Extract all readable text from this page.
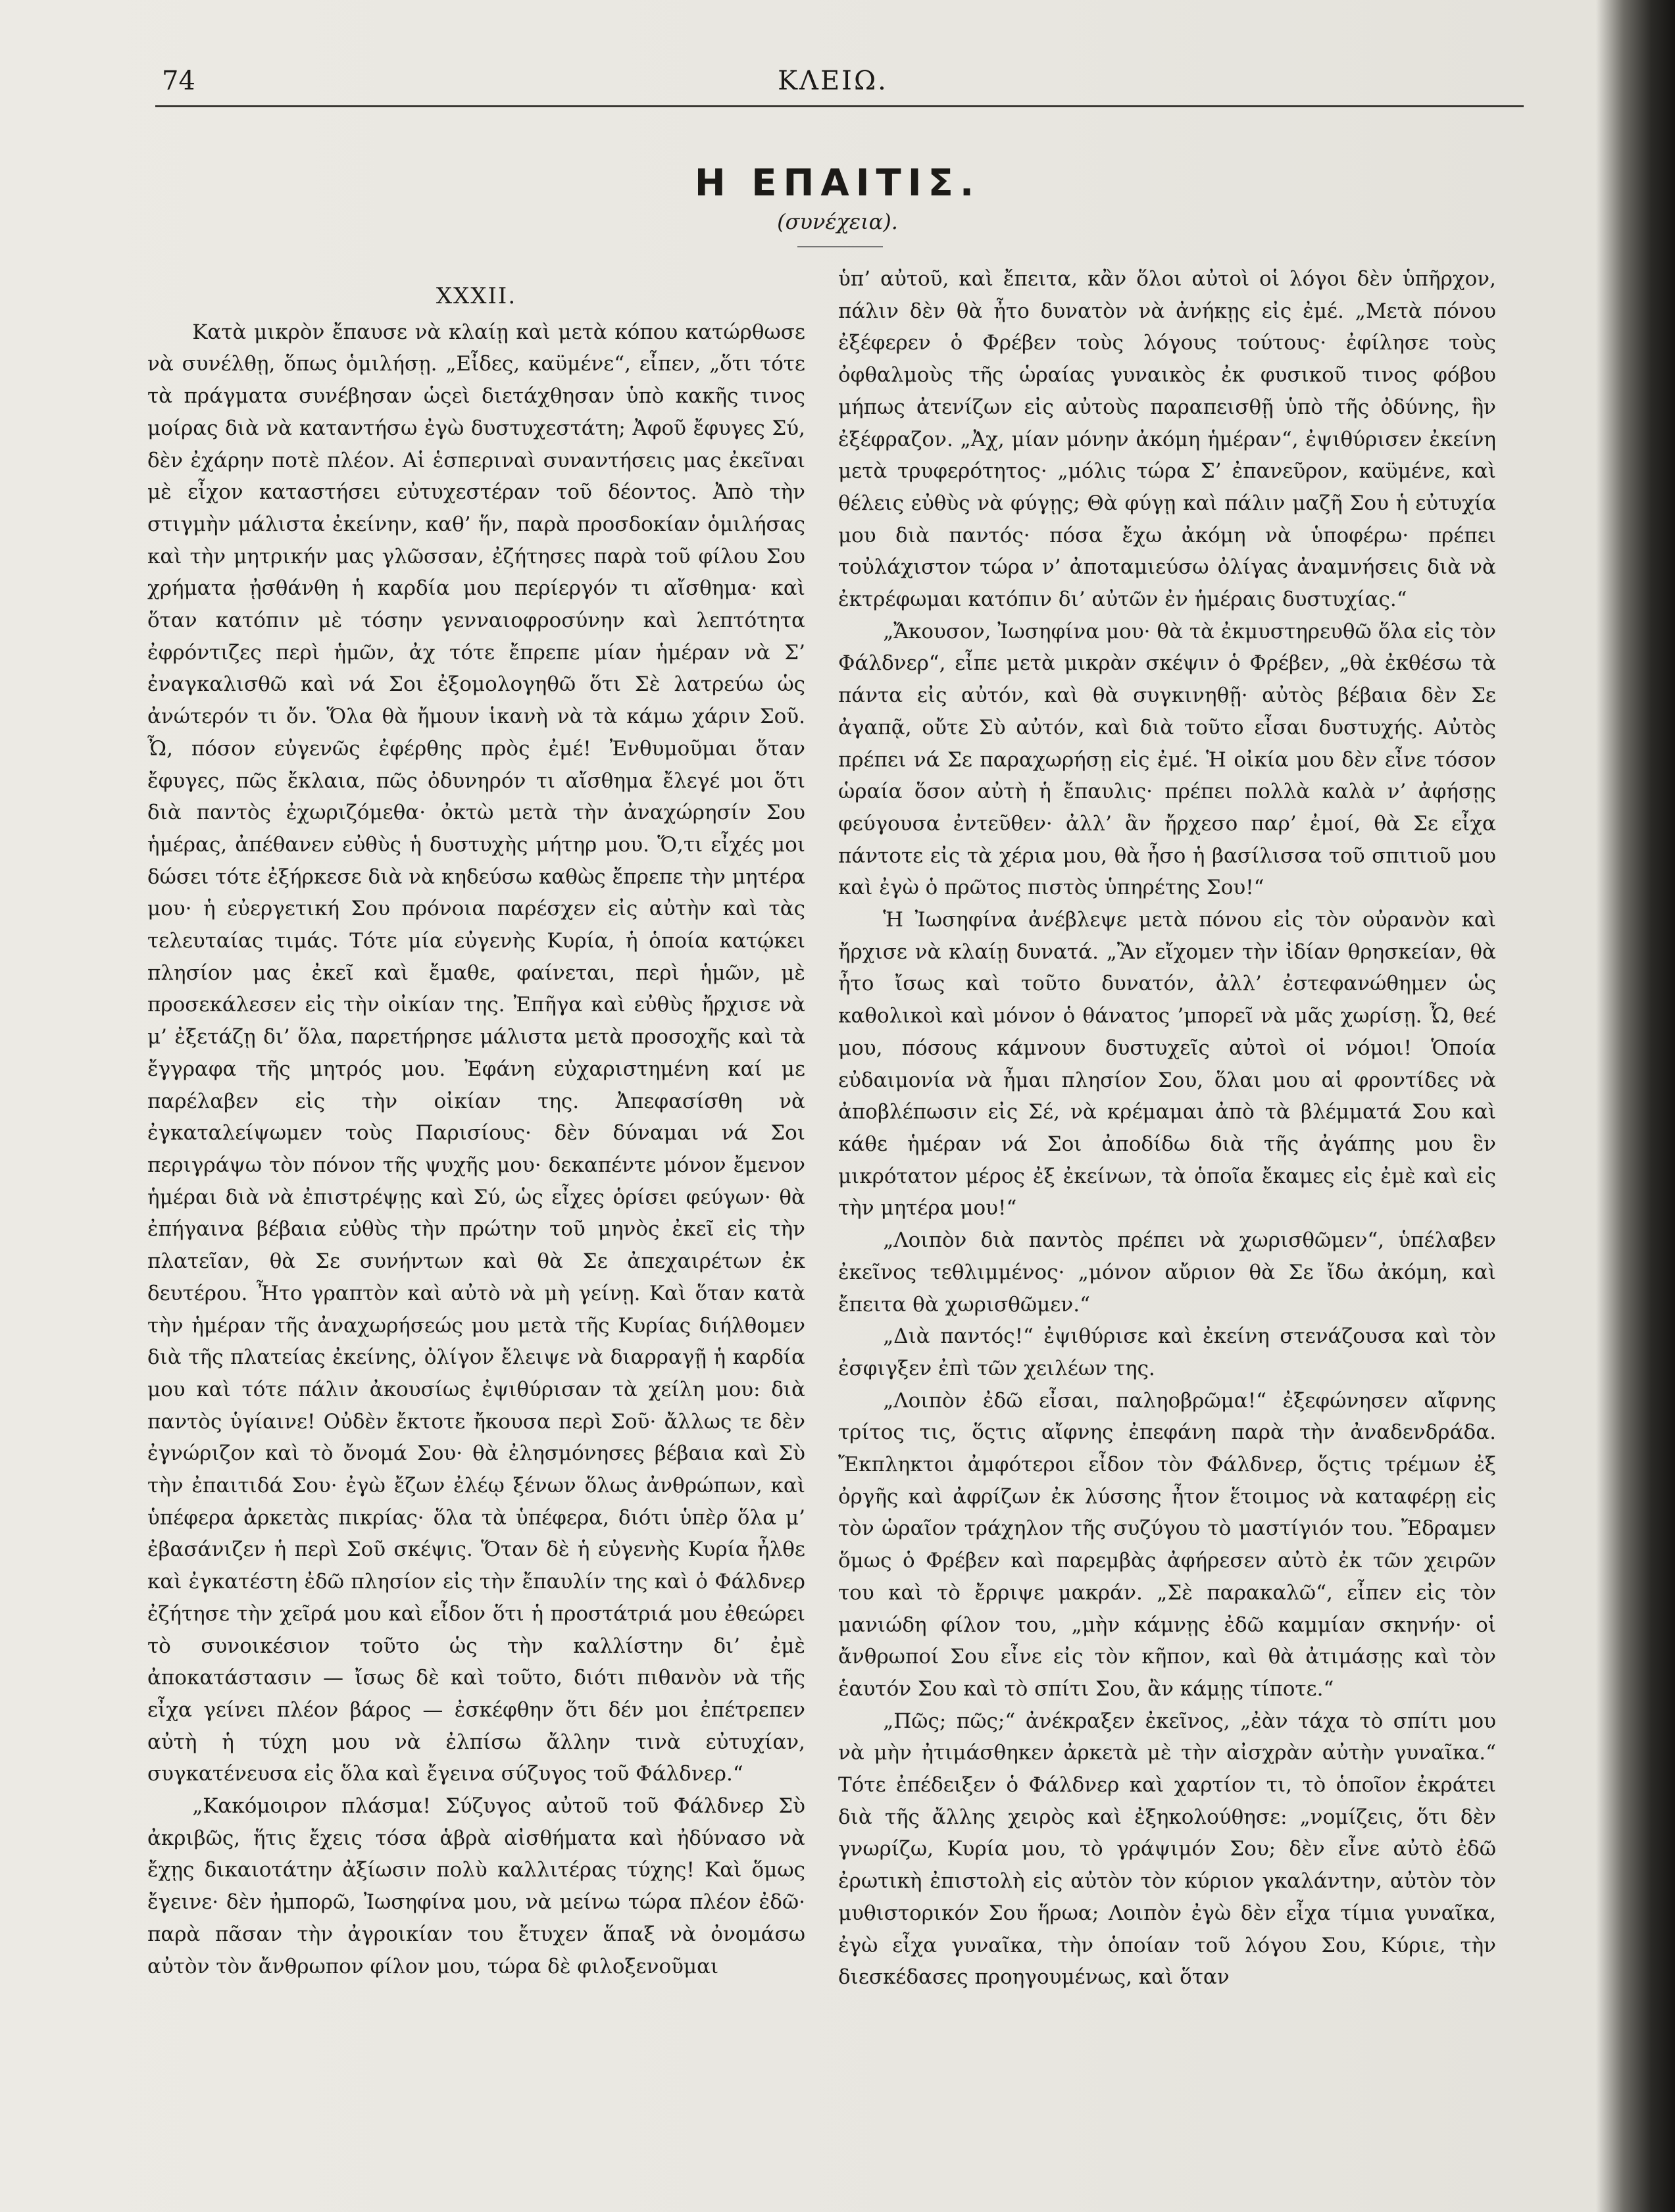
74	ΚΛΕΙΩ.
Η ΕΠΑΙΤΙΣ.
(συνέχεια).
XXXII.

Κατὰ μικρὸν ἔπαυσε νὰ κλαίῃ καὶ μετὰ κόπου κατώρθωσε νὰ συνέλθῃ, ὅπως ὁμιλήσῃ. „Εἶδες, καϋμένε“, εἶπεν, „ὅτι τότε τὰ πράγματα συνέβησαν ὡςεὶ διετάχθησαν ὑπὸ κακῆς τινος μοίρας διὰ νὰ καταντήσω ἐγὼ δυστυχεστάτη; Ἀφοῦ ἔφυγες Σύ, δὲν ἐχάρην ποτὲ πλέον. Αἱ ἑσπεριναὶ συναντήσεις μας ἐκεῖναι μὲ εἶχον καταστήσει εὐτυχεστέραν τοῦ δέοντος. Ἀπὸ τὴν στιγμὴν μάλιστα ἐκείνην, καθ’ ἥν, παρὰ προσδοκίαν ὁμιλήσας καὶ τὴν μητρικήν μας γλῶσσαν, ἐζήτησες παρὰ τοῦ φίλου Σου χρήματα ᾐσθάνθη ἡ καρδία μου περίεργόν τι αἴσθημα· καὶ ὅταν κατόπιν μὲ τόσην γενναιοφροσύνην καὶ λεπτότητα ἐφρόντιζες περὶ ἡμῶν, ἀχ τότε ἔπρεπε μίαν ἡμέραν νὰ Σ’ ἐναγκαλισθῶ καὶ νά Σοι ἐξομολογηθῶ ὅτι Σὲ λατρεύω ὡς ἀνώτερόν τι ὄν. Ὅλα θὰ ἤμουν ἱκανὴ νὰ τὰ κάμω χάριν Σοῦ. Ὦ, πόσον εὐγενῶς ἐφέρθης πρὸς ἐμέ! Ἐνθυμοῦμαι ὅταν ἔφυγες, πῶς ἔκλαια, πῶς ὀδυνηρόν τι αἴσθημα ἔλεγέ μοι ὅτι διὰ παντὸς ἐχωριζόμεθα· ὀκτὼ μετὰ τὴν ἀναχώρησίν Σου ἡμέρας, ἀπέθανεν εὐθὺς ἡ δυστυχὴς μήτηρ μου. Ὅ,τι εἶχές μοι δώσει τότε ἐξήρκεσε διὰ νὰ κηδεύσω καθὼς ἔπρεπε τὴν μητέρα μου· ἡ εὐεργετική Σου πρόνοια παρέσχεν εἰς αὐτὴν καὶ τὰς τελευταίας τιμάς. Τότε μία εὐγενὴς Κυρία, ἡ ὁποία κατῴκει πλησίον μας ἐκεῖ καὶ ἔμαθε, φαίνεται, περὶ ἡμῶν, μὲ προσεκάλεσεν εἰς τὴν οἰκίαν της. Ἐπῆγα καὶ εὐθὺς ἤρχισε νὰ μ’ ἐξετάζῃ δι’ ὅλα, παρετήρησε μάλιστα μετὰ προσοχῆς καὶ τὰ ἔγγραφα τῆς μητρός μου. Ἐφάνη εὐχαριστημένη καί με παρέλαβεν εἰς τὴν οἰκίαν της. Ἀπεφασίσθη νὰ ἐγκαταλείψωμεν τοὺς Παρισίους· δὲν δύναμαι νά Σοι περιγράψω τὸν πόνον τῆς ψυχῆς μου· δεκαπέντε μόνον ἔμενον ἡμέραι διὰ νὰ ἐπιστρέψῃς καὶ Σύ, ὡς εἶχες ὁρίσει φεύγων· θὰ ἐπήγαινα βέβαια εὐθὺς τὴν πρώτην τοῦ μηνὸς ἐκεῖ εἰς τὴν πλατεῖαν, θὰ Σε συνήντων καὶ θὰ Σε ἀπεχαιρέτων ἐκ δευτέρου. Ἦτο γραπτὸν καὶ αὐτὸ νὰ μὴ γείνῃ. Καὶ ὅταν κατὰ τὴν ἡμέραν τῆς ἀναχωρήσεώς μου μετὰ τῆς Κυρίας διήλθομεν διὰ τῆς πλατείας ἐκείνης, ὀλίγον ἔλειψε νὰ διαρραγῇ ἡ καρδία μου καὶ τότε πάλιν ἀκουσίως ἐψιθύρισαν τὰ χείλη μου: διὰ παντὸς ὑγίαινε! Οὐδὲν ἔκτοτε ἤκουσα περὶ Σοῦ· ἄλλως τε δὲν ἐγνώριζον καὶ τὸ ὄνομά Σου· θὰ ἐλησμόνησες βέβαια καὶ Σὺ τὴν ἐπαιτιδά Σου· ἐγὼ ἔζων ἐλέῳ ξένων ὅλως ἀνθρώπων, καὶ ὑπέφερα ἀρκετὰς πικρίας· ὅλα τὰ ὑπέφερα, διότι ὑπὲρ ὅλα μ’ ἐβασάνιζεν ἡ περὶ Σοῦ σκέψις. Ὅταν δὲ ἡ εὐγενὴς Κυρία ἦλθε καὶ ἐγκατέστη ἐδῶ πλησίον εἰς τὴν ἔπαυλίν της καὶ ὁ Φάλδνερ ἐζήτησε τὴν χεῖρά μου καὶ εἶδον ὅτι ἡ προστάτριά μου ἐθεώρει τὸ συνοικέσιον τοῦτο ὡς τὴν καλλίστην δι’ ἐμὲ ἀποκατάστασιν — ἴσως δὲ καὶ τοῦτο, διότι πιθανὸν νὰ τῆς εἶχα γείνει πλέον βάρος — ἐσκέφθην ὅτι δέν μοι ἐπέτρεπεν αὐτὴ ἡ τύχη μου νὰ ἐλπίσω ἄλλην τινὰ εὐτυχίαν, συγκατένευσα εἰς ὅλα καὶ ἔγεινα σύζυγος τοῦ Φάλδνερ.“

„Κακόμοιρον πλάσμα! Σύζυγος αὐτοῦ τοῦ Φάλδνερ Σὺ ἀκριβῶς, ἥτις ἔχεις τόσα ἁβρὰ αἰσθήματα καὶ ἠδύνασο νὰ ἔχῃς δικαιοτάτην ἀξίωσιν πολὺ καλλιτέρας τύχης! Καὶ ὅμως ἔγεινε· δὲν ἠμπορῶ, Ἰωσηφίνα μου, νὰ μείνω τώρα πλέον ἐδῶ· παρὰ πᾶσαν τὴν ἀγροικίαν του ἔτυχεν ἅπαξ νὰ ὀνομάσω αὐτὸν τὸν ἄνθρωπον φίλον μου, τώρα δὲ φιλοξενοῦμαι

ὑπ’ αὐτοῦ, καὶ ἔπειτα, κἂν ὅλοι αὐτοὶ οἱ λόγοι δὲν ὑπῆρχον, πάλιν δὲν θὰ ἦτο δυνατὸν νὰ ἀνήκῃς εἰς ἐμέ. „Μετὰ πόνου ἐξέφερεν ὁ Φρέβεν τοὺς λόγους τούτους· ἐφίλησε τοὺς ὀφθαλμοὺς τῆς ὡραίας γυναικὸς ἐκ φυσικοῦ τινος φόβου μήπως ἀτενίζων εἰς αὐτοὺς παραπεισθῇ ὑπὸ τῆς ὀδύνης, ἣν ἐξέφραζον. „Ἀχ, μίαν μόνην ἀκόμη ἡμέραν“, ἐψιθύρισεν ἐκείνη μετὰ τρυφερότητος· „μόλις τώρα Σ’ ἐπανεῦρον, καϋμένε, καὶ θέλεις εὐθὺς νὰ φύγῃς; Θὰ φύγῃ καὶ πάλιν μαζῆ Σου ἡ εὐτυχία μου διὰ παντός· πόσα ἔχω ἀκόμη νὰ ὑποφέρω· πρέπει τοὐλάχιστον τώρα ν’ ἀποταμιεύσω ὀλίγας ἀναμνήσεις διὰ νὰ ἐκτρέφωμαι κατόπιν δι’ αὐτῶν ἐν ἡμέραις δυστυχίας.“

„Ἄκουσον, Ἰωσηφίνα μου· θὰ τὰ ἐκμυστηρευθῶ ὅλα εἰς τὸν Φάλδνερ“, εἶπε μετὰ μικρὰν σκέψιν ὁ Φρέβεν, „θὰ ἐκθέσω τὰ πάντα εἰς αὐτόν, καὶ θὰ συγκινηθῇ· αὐτὸς βέβαια δὲν Σε ἀγαπᾷ, οὔτε Σὺ αὐτόν, καὶ διὰ τοῦτο εἶσαι δυστυχής. Αὐτὸς πρέπει νά Σε παραχωρήσῃ εἰς ἐμέ. Ἡ οἰκία μου δὲν εἶνε τόσον ὡραία ὅσον αὐτὴ ἡ ἔπαυλις· πρέπει πολλὰ καλὰ ν’ ἀφήσῃς φεύγουσα ἐντεῦθεν· ἀλλ’ ἂν ἤρχεσο παρ’ ἐμοί, θὰ Σε εἶχα πάντοτε εἰς τὰ χέρια μου, θὰ ἦσο ἡ βασίλισσα τοῦ σπιτιοῦ μου καὶ ἐγὼ ὁ πρῶτος πιστὸς ὑπηρέτης Σου!“

Ἡ Ἰωσηφίνα ἀνέβλεψε μετὰ πόνου εἰς τὸν οὐρανὸν καὶ ἤρχισε νὰ κλαίῃ δυνατά. „Ἂν εἴχομεν τὴν ἰδίαν θρησκείαν, θὰ ἦτο ἴσως καὶ τοῦτο δυνατόν, ἀλλ’ ἐστεφανώθημεν ὡς καθολικοὶ καὶ μόνον ὁ θάνατος ’μπορεῖ νὰ μᾶς χωρίσῃ. Ὦ, θεέ μου, πόσους κάμνουν δυστυχεῖς αὐτοὶ οἱ νόμοι! Ὁποία εὐδαιμονία νὰ ἦμαι πλησίον Σου, ὅλαι μου αἱ φροντίδες νὰ ἀποβλέπωσιν εἰς Σέ, νὰ κρέμαμαι ἀπὸ τὰ βλέμματά Σου καὶ κάθε ἡμέραν νά Σοι ἀποδίδω διὰ τῆς ἀγάπης μου ἓν μικρότατον μέρος ἐξ ἐκείνων, τὰ ὁποῖα ἔκαμες εἰς ἐμὲ καὶ εἰς τὴν μητέρα μου!“

„Λοιπὸν διὰ παντὸς πρέπει νὰ χωρισθῶμεν“, ὑπέλαβεν ἐκεῖνος τεθλιμμένος· „μόνον αὔριον θὰ Σε ἴδω ἀκόμη, καὶ ἔπειτα θὰ χωρισθῶμεν.“

„Διὰ παντός!“ ἐψιθύρισε καὶ ἐκείνη στενάζουσα καὶ τὸν ἐσφιγξεν ἐπὶ τῶν χειλέων της.

„Λοιπὸν ἐδῶ εἶσαι, παληοβρῶμα!“ ἐξεφώνησεν αἴφνης τρίτος τις, ὅςτις αἴφνης ἐπεφάνη παρὰ τὴν ἀναδενδράδα. Ἔκπληκτοι ἀμφότεροι εἶδον τὸν Φάλδνερ, ὅςτις τρέμων ἐξ ὀργῆς καὶ ἀφρίζων ἐκ λύσσης ἦτον ἕτοιμος νὰ καταφέρῃ εἰς τὸν ὡραῖον τράχηλον τῆς συζύγου τὸ μαστίγιόν του. Ἔδραμεν ὅμως ὁ Φρέβεν καὶ παρεμβὰς ἀφήρεσεν αὐτὸ ἐκ τῶν χειρῶν του καὶ τὸ ἔρριψε μακράν. „Σὲ παρακαλῶ“, εἶπεν εἰς τὸν μανιώδη φίλον του, „μὴν κάμνῃς ἐδῶ καμμίαν σκηνήν· οἱ ἄνθρωποί Σου εἶνε εἰς τὸν κῆπον, καὶ θὰ ἀτιμάσῃς καὶ τὸν ἑαυτόν Σου καὶ τὸ σπίτι Σου, ἂν κάμῃς τίποτε.“

„Πῶς; πῶς;“ ἀνέκραξεν ἐκεῖνος, „ἐὰν τάχα τὸ σπίτι μου νὰ μὴν ἠτιμάσθηκεν ἀρκετὰ μὲ τὴν αἰσχρὰν αὐτὴν γυναῖκα.“ Τότε ἐπέδειξεν ὁ Φάλδνερ καὶ χαρτίον τι, τὸ ὁποῖον ἐκράτει διὰ τῆς ἄλλης χειρὸς καὶ ἐξηκολούθησε: „νομίζεις, ὅτι δὲν γνωρίζω, Κυρία μου, τὸ γράψιμόν Σου; δὲν εἶνε αὐτὸ ἐδῶ ἐρωτικὴ ἐπιστολὴ εἰς αὐτὸν τὸν κύριον γκαλάντην, αὐτὸν τὸν μυθιστορικόν Σου ἥρωα; Λοιπὸν ἐγὼ δὲν εἶχα τίμια γυναῖκα, ἐγὼ εἶχα γυναῖκα, τὴν ὁποίαν τοῦ λόγου Σου, Κύριε, τὴν διεσκέδασες προηγουμένως, καὶ ὅταν
